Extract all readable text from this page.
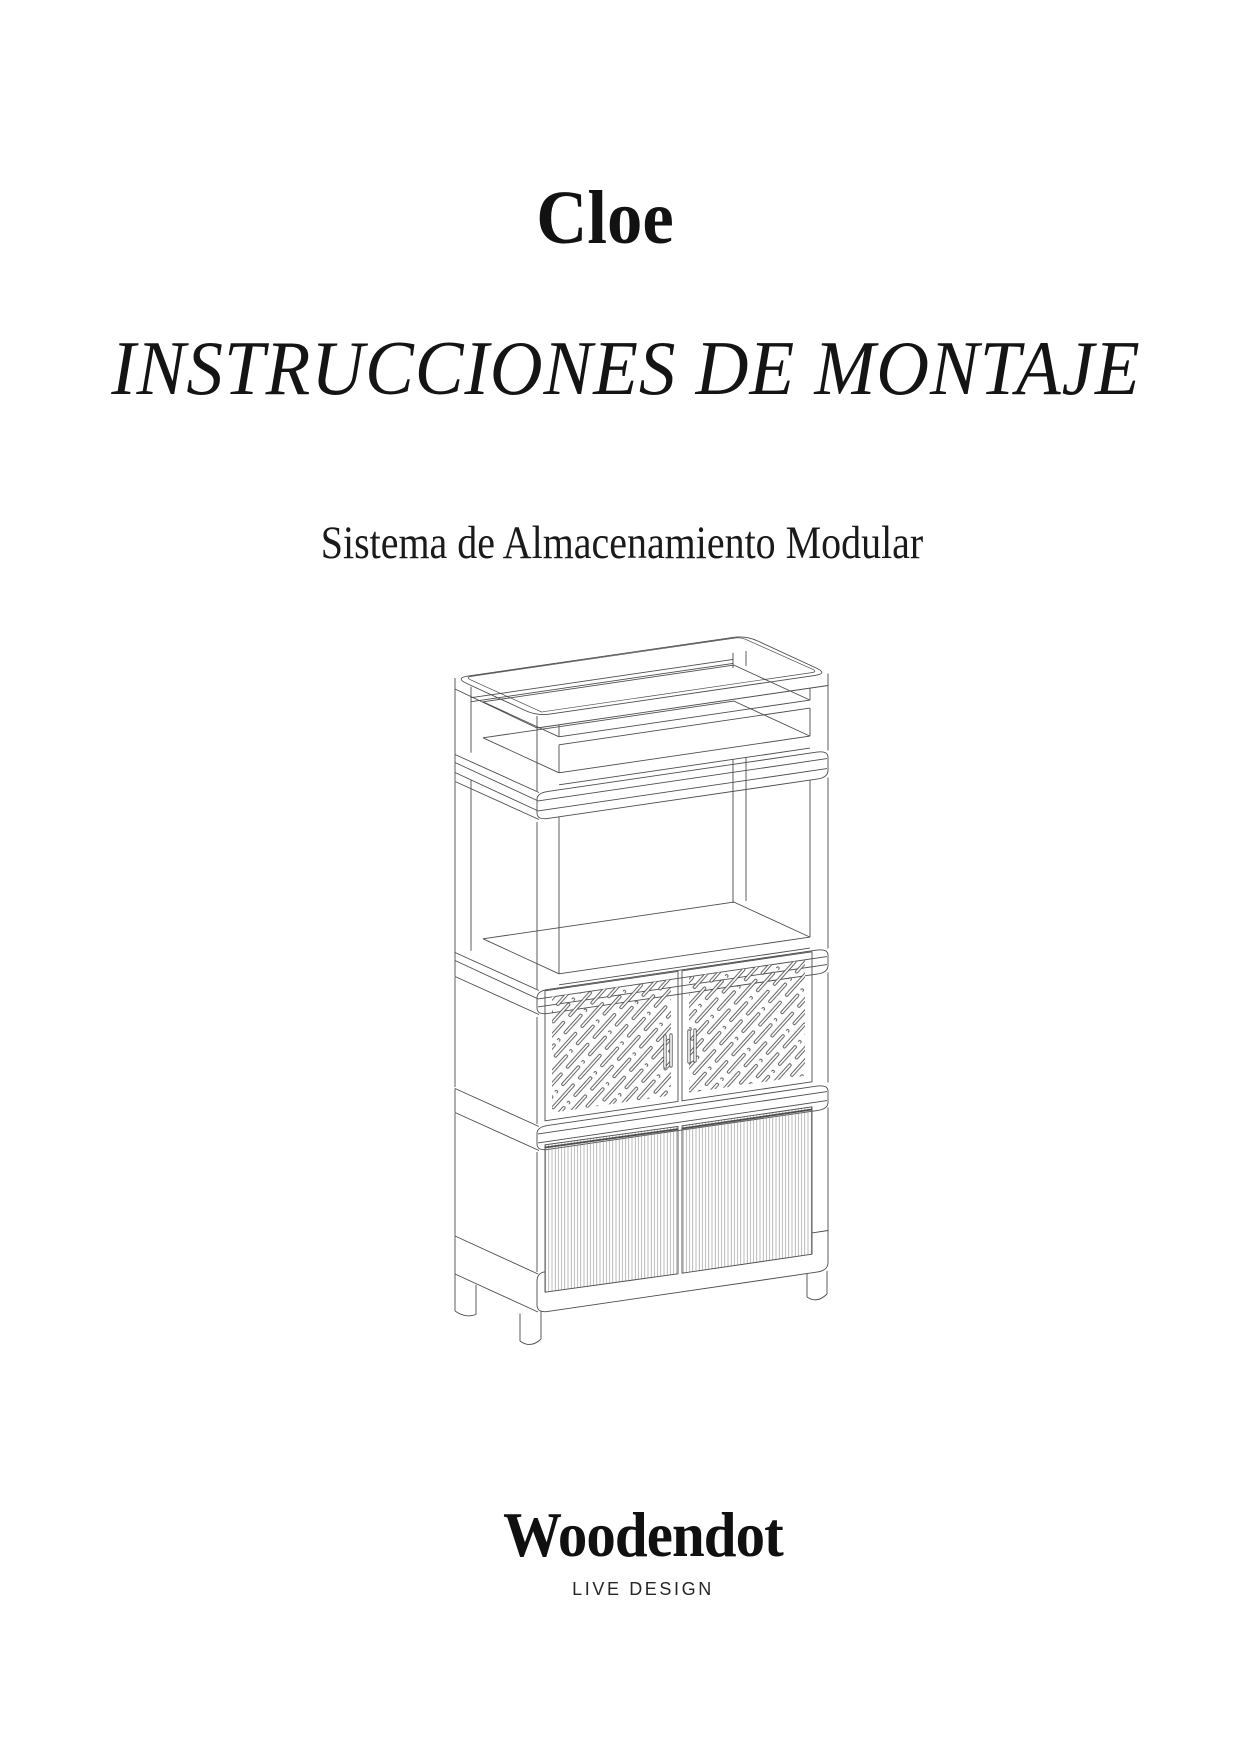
Cloe
INSTRUCCIONES DE MONTAJE
Sistema de Almacenamiento Modular
Woodendot
LIVE DESIGN
